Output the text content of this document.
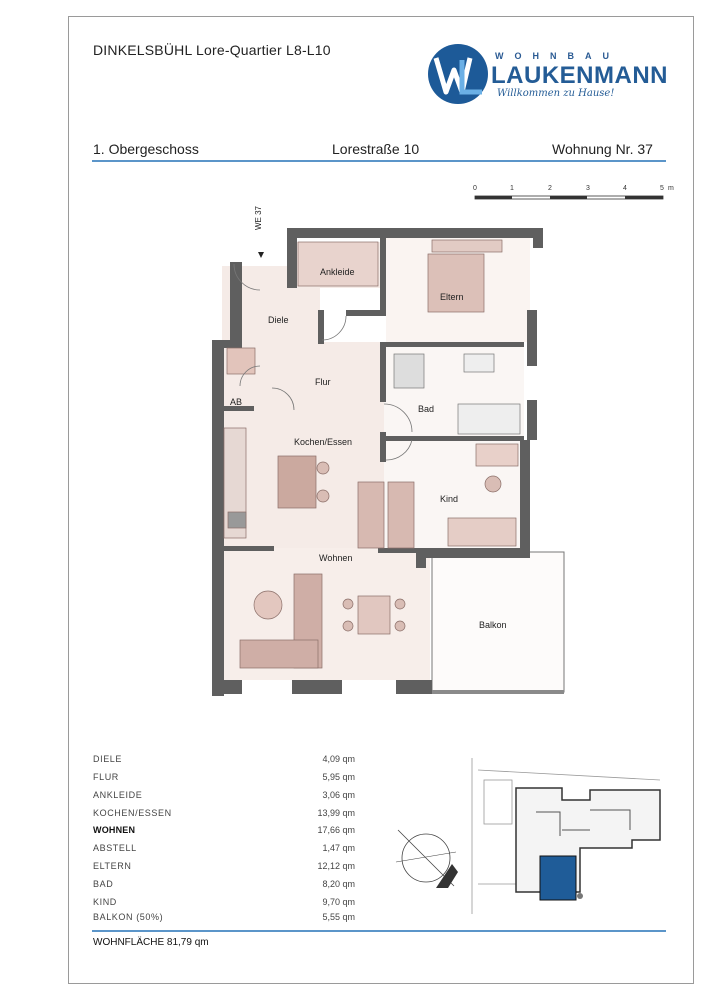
DINKELSBÜHL Lore-Quartier L8-L10	WOHNBAU
LAUKENMANN
Willkommen zu Hause!
1. Obergeschoss	Lorestraße 10	Wohnung Nr. 37
0	1	2	3	4	5 m
WE 37
Ankleide
Eltern
Diele
Flur
AB
Bad
Kochen/Essen
Kind
Wohnen
Balkon
DIELE	4,09 qm
FLUR	5,95 qm
ANKLEIDE	3,06 qm
KOCHEN/ESSEN	13,99 qm
WOHNEN	17,66 qm
ABSTELL	1,47 qm
ELTERN	12,12 qm
BAD	8,20 qm
KIND	9,70 qm
BALKON (50%)	5,55 qm
WOHNFLÄCHE 81,79 qm
